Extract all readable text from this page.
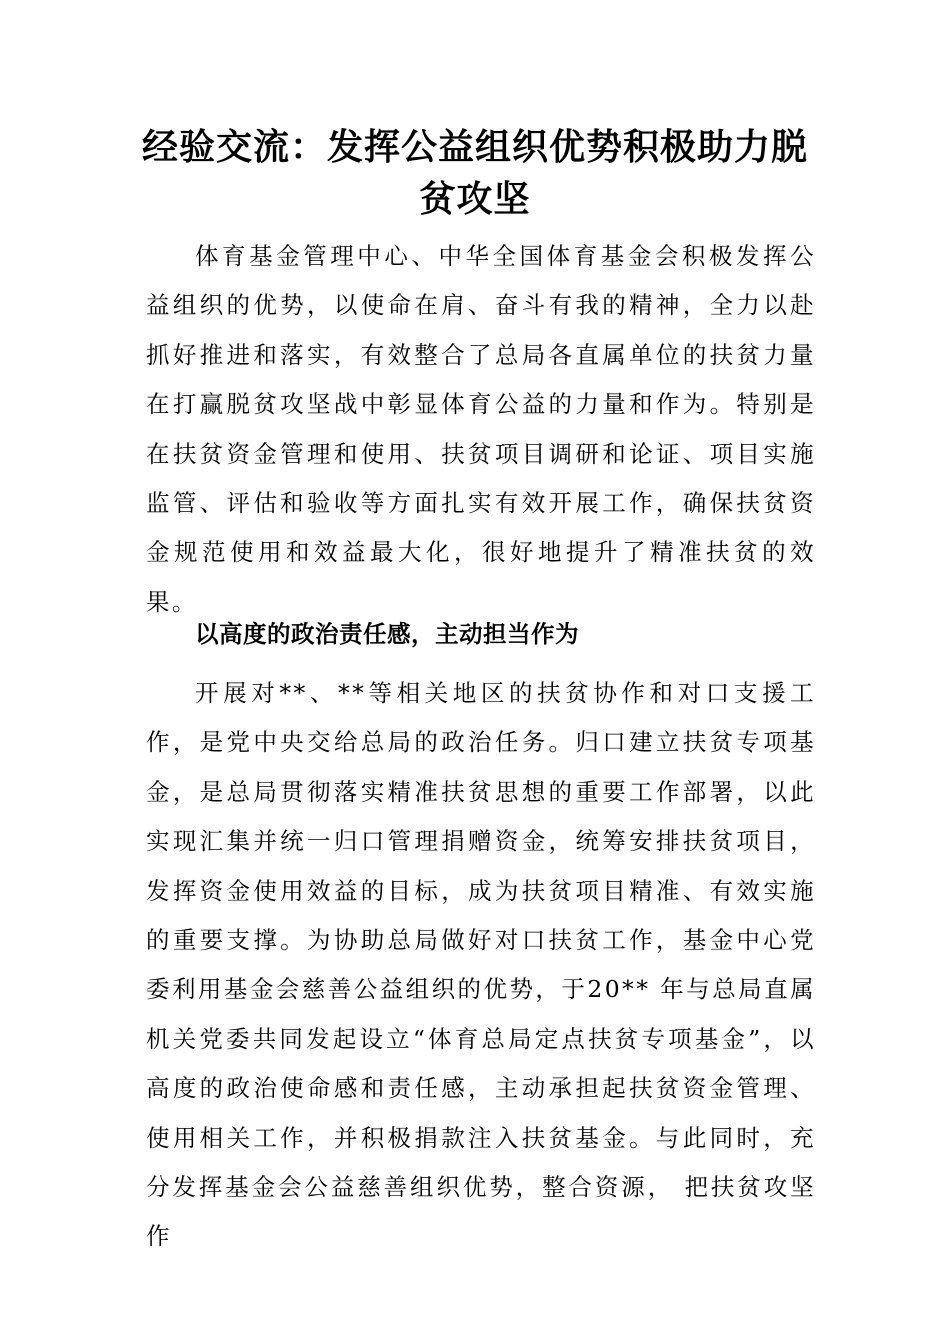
经验交流：发挥公益组织优势积极助力脱
贫攻坚

体育基金管理中心、中华全国体育基金会积极发挥公益组织的优势，以使命在肩、奋斗有我的精神，全力以赴抓好推进和落实，有效整合了总局各直属单位的扶贫力量在打赢脱贫攻坚战中彰显体育公益的力量和作为。特别是在扶贫资金管理和使用、扶贫项目调研和论证、项目实施监管、评估和验收等方面扎实有效开展工作，确保扶贫资金规范使用和效益最大化，很好地提升了精准扶贫的效果。

以高度的政治责任感，主动担当作为

开展对**、**等相关地区的扶贫协作和对口支援工作，是党中央交给总局的政治任务。归口建立扶贫专项基金，是总局贯彻落实精准扶贫思想的重要工作部署，以此实现汇集并统一归口管理捐赠资金，统筹安排扶贫项目，发挥资金使用效益的目标，成为扶贫项目精准、有效实施的重要支撑。为协助总局做好对口扶贫工作，基金中心党委利用基金会慈善公益组织的优势，于20** 年与总局直属机关党委共同发起设立“体育总局定点扶贫专项基金”，以高度的政治使命感和责任感，主动承担起扶贫资金管理、使用相关工作，并积极捐款注入扶贫基金。与此同时，充分发挥基金会公益慈善组织优势，整合资源， 把扶贫攻坚作
